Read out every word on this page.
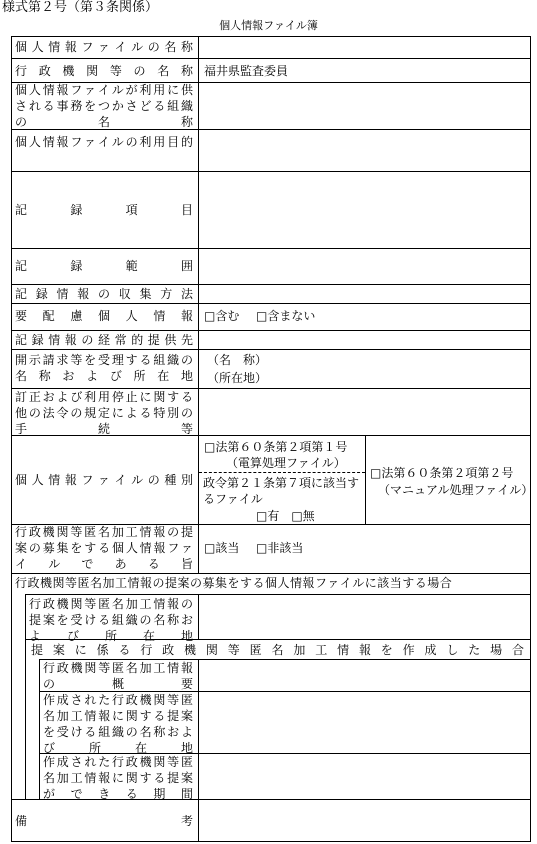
様式第２号（第３条関係）
個人情報ファイル簿
個人情報ファイルの名称
行政機関等の名称 福井県監査委員
個人情報ファイルが利用に供される事務をつかさどる組織の名称
個人情報ファイルの利用目的
記録項目
記録範囲
記録情報の収集方法
要配慮個人情報 □含む □含まない
記録情報の経常的提供先
開示請求等を受理する組織の名称および所在地
（名　称）
（所在地）
訂正および利用停止に関する他の法令の規定による特別の手続等
個人情報ファイルの種別
□法第６０条第２項第１号
（電算処理ファイル）
政令第２１条第７項に該当するファイル
□有　□無
□法第６０条第２項第２号
（マニュアル処理ファイル）
行政機関等匿名加工情報の提案の募集をする個人情報ファイルである旨
□該当 □非該当
行政機関等匿名加工情報の提案の募集をする個人情報ファイルに該当する場合
行政機関等匿名加工情報の提案を受ける組織の名称および所在地
提案に係る行政機関等匿名加工情報を作成した場合
行政機関等匿名加工情報の概要
作成された行政機関等匿名加工情報に関する提案を受ける組織の名称および所在地
作成された行政機関等匿名加工情報に関する提案ができる期間
備考
